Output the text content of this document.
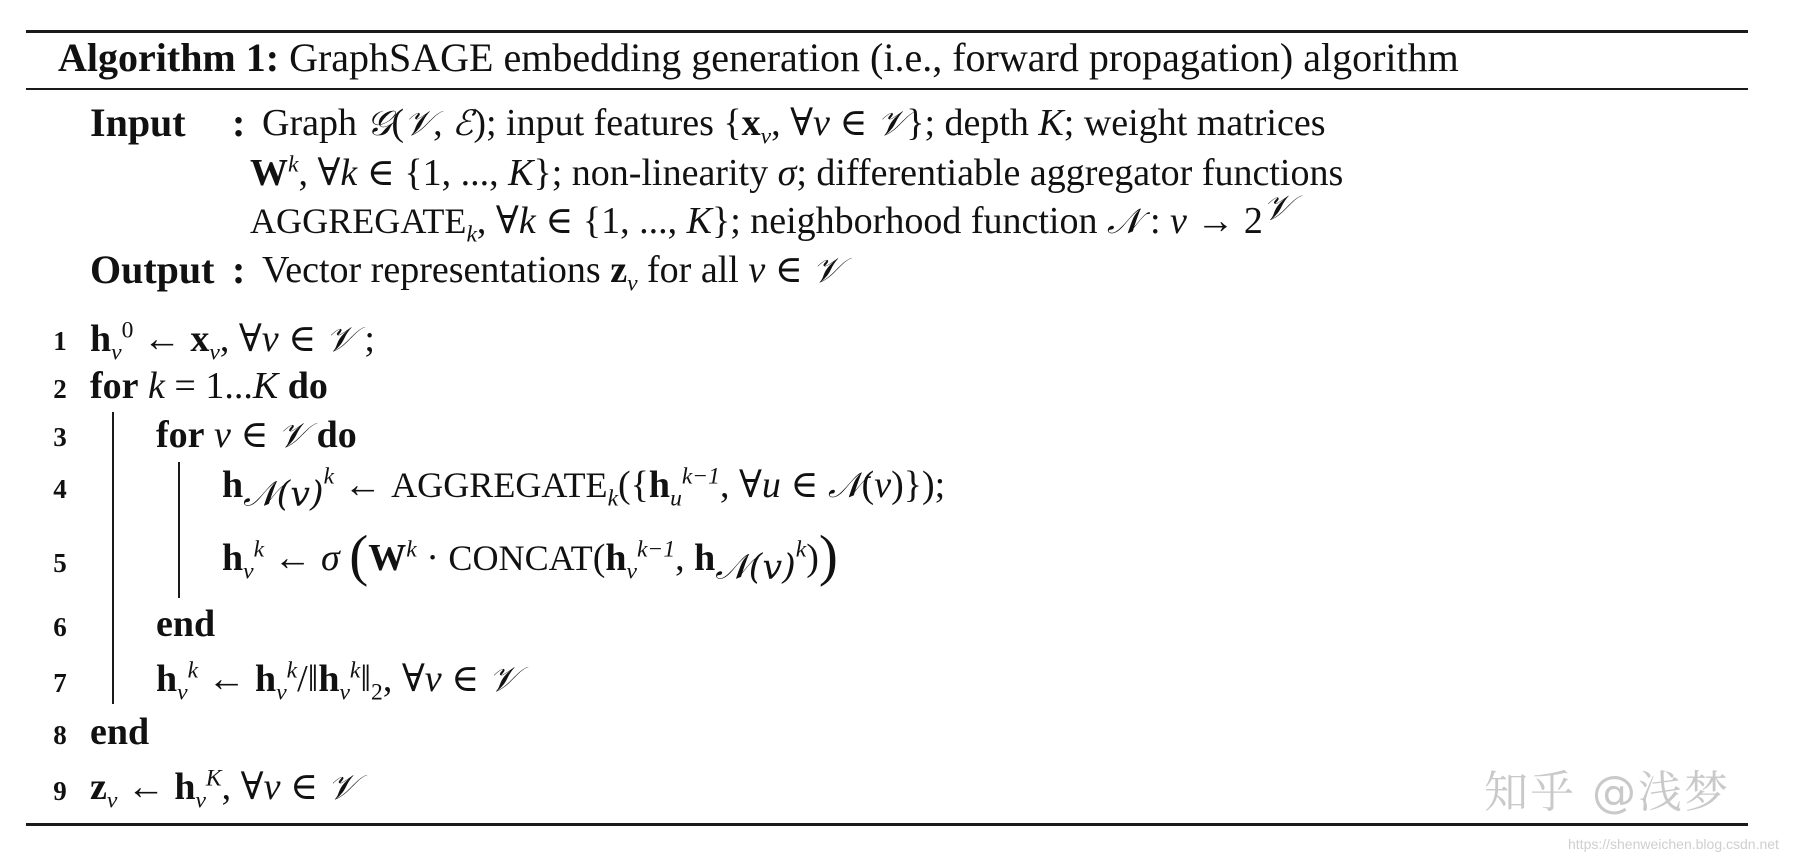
Algorithm 1: GraphSAGE embedding generation (i.e., forward propagation) algorithm
Input : Graph 𝒢(𝒱, ℰ); input features {$x_v$, ∀v ∈ 𝒱}; depth K; weight matrices
$W^k$, ∀k ∈ {1, ..., K}; non-linearity σ; differentiable aggregator functions
$AGGREGATE_k$, ∀k ∈ {1, ..., K}; neighborhood function 𝒩 : $v \to 2^𝒱$
Output : Vector representations $z_v$ for all v ∈ 𝒱
1 $h_v^0$ ← $x_v$, ∀v ∈ 𝒱 ;
2 for k = 1...K do
3 for v ∈ 𝒱 do
4	$h_{𝒩(v)}^k$ ← $AGGREGATE_k(\{h_u^{k-1}$, ∀u ∈ 𝒩(v)});
5	$h_v^k$ ← σ ($W^k$ · $CONCAT(h_v^{k-1}$, $h_{𝒩(v)}^k$))
6 end
7 $h_v^k$ ← $h_v^k/‖h_v^k‖_2$, ∀v ∈ 𝒱
8 end
9 $z_v$ ← $h_v^K$, ∀v ∈ 𝒱	知乎 @浅梦
https://shenweichen.blog.csdn.net
